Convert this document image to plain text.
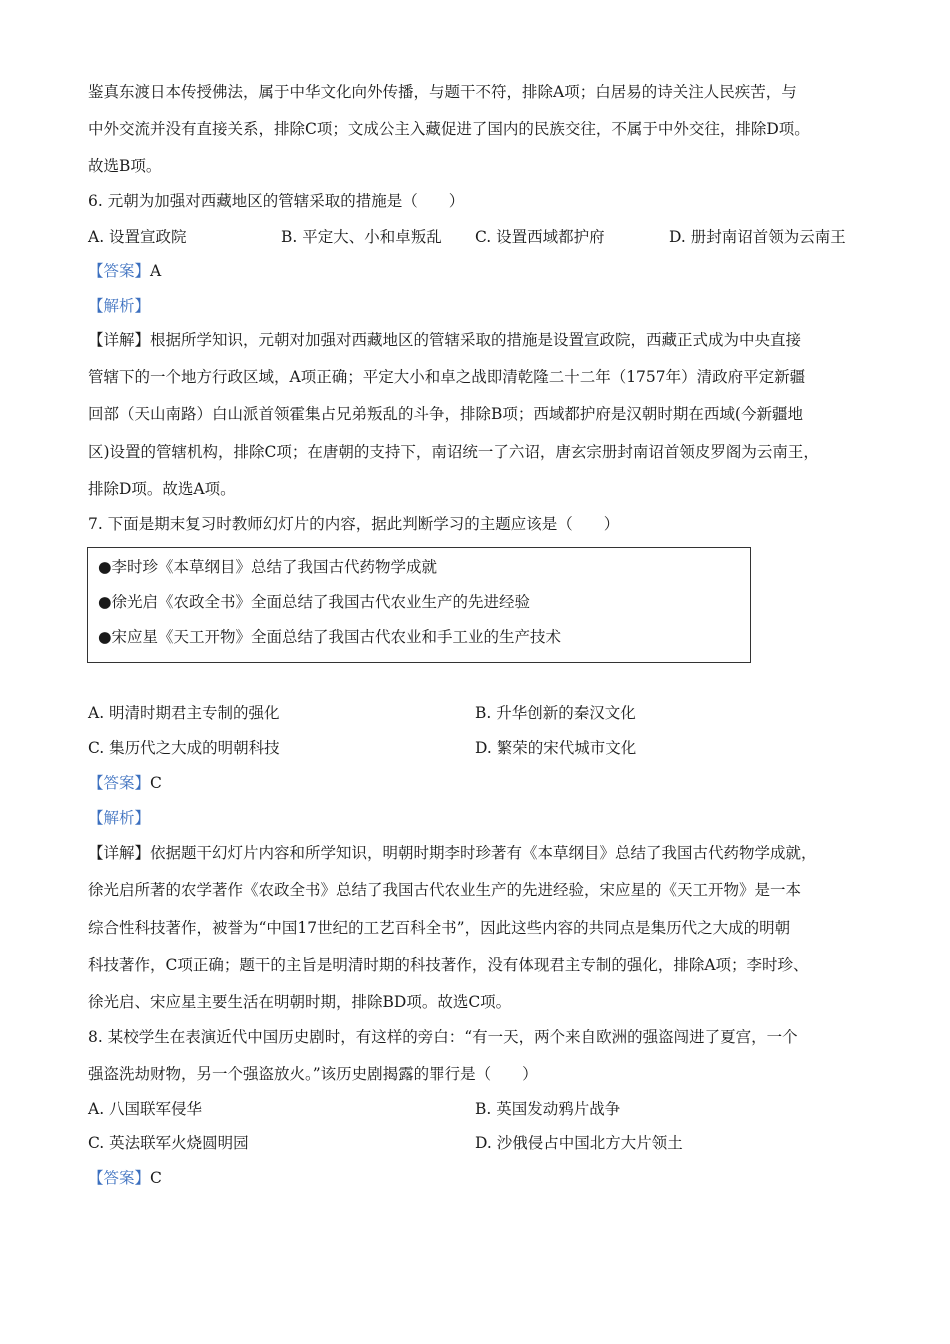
鉴真东渡日本传授佛法，属于中华文化向外传播，与题干不符，排除A项；白居易的诗关注人民疾苦，与
中外交流并没有直接关系，排除C项；文成公主入藏促进了国内的民族交往，不属于中外交往，排除D项。
故选B项。
6. 元朝为加强对西藏地区的管辖采取的措施是（　　）
A. 设置宣政院	B. 平定大、小和卓叛乱 C. 设置西域都护府	D. 册封南诏首领为云南王
【答案】A
【解析】
【详解】根据所学知识，元朝对加强对西藏地区的管辖采取的措施是设置宣政院，西藏正式成为中央直接
管辖下的一个地方行政区域，A项正确；平定大小和卓之战即清乾隆二十二年（1757年）清政府平定新疆
回部（天山南路）白山派首领霍集占兄弟叛乱的斗争，排除B项；西域都护府是汉朝时期在西域(今新疆地
区)设置的管辖机构，排除C项；在唐朝的支持下，南诏统一了六诏，唐玄宗册封南诏首领皮罗阁为云南王，
排除D项。故选A项。
7. 下面是期末复习时教师幻灯片的内容，据此判断学习的主题应该是（　　）
●李时珍《本草纲目》总结了我国古代药物学成就
●徐光启《农政全书》全面总结了我国古代农业生产的先进经验
●宋应星《天工开物》全面总结了我国古代农业和手工业的生产技术
A. 明清时期君主专制的强化	B. 升华创新的秦汉文化
C. 集历代之大成的明朝科技	D. 繁荣的宋代城市文化
【答案】C
【解析】
【详解】依据题干幻灯片内容和所学知识，明朝时期李时珍著有《本草纲目》总结了我国古代药物学成就，
徐光启所著的农学著作《农政全书》总结了我国古代农业生产的先进经验，宋应星的《天工开物》是一本
综合性科技著作，被誉为“中国17世纪的工艺百科全书”，因此这些内容的共同点是集历代之大成的明朝
科技著作，C项正确；题干的主旨是明清时期的科技著作，没有体现君主专制的强化，排除A项；李时珍、
徐光启、宋应星主要生活在明朝时期，排除BD项。故选C项。
8. 某校学生在表演近代中国历史剧时，有这样的旁白：“有一天，两个来自欧洲的强盗闯进了夏宫，一个
强盗洗劫财物，另一个强盗放火。”该历史剧揭露的罪行是（　　）
A. 八国联军侵华	B. 英国发动鸦片战争
C. 英法联军火烧圆明园	D. 沙俄侵占中国北方大片领土
【答案】C
